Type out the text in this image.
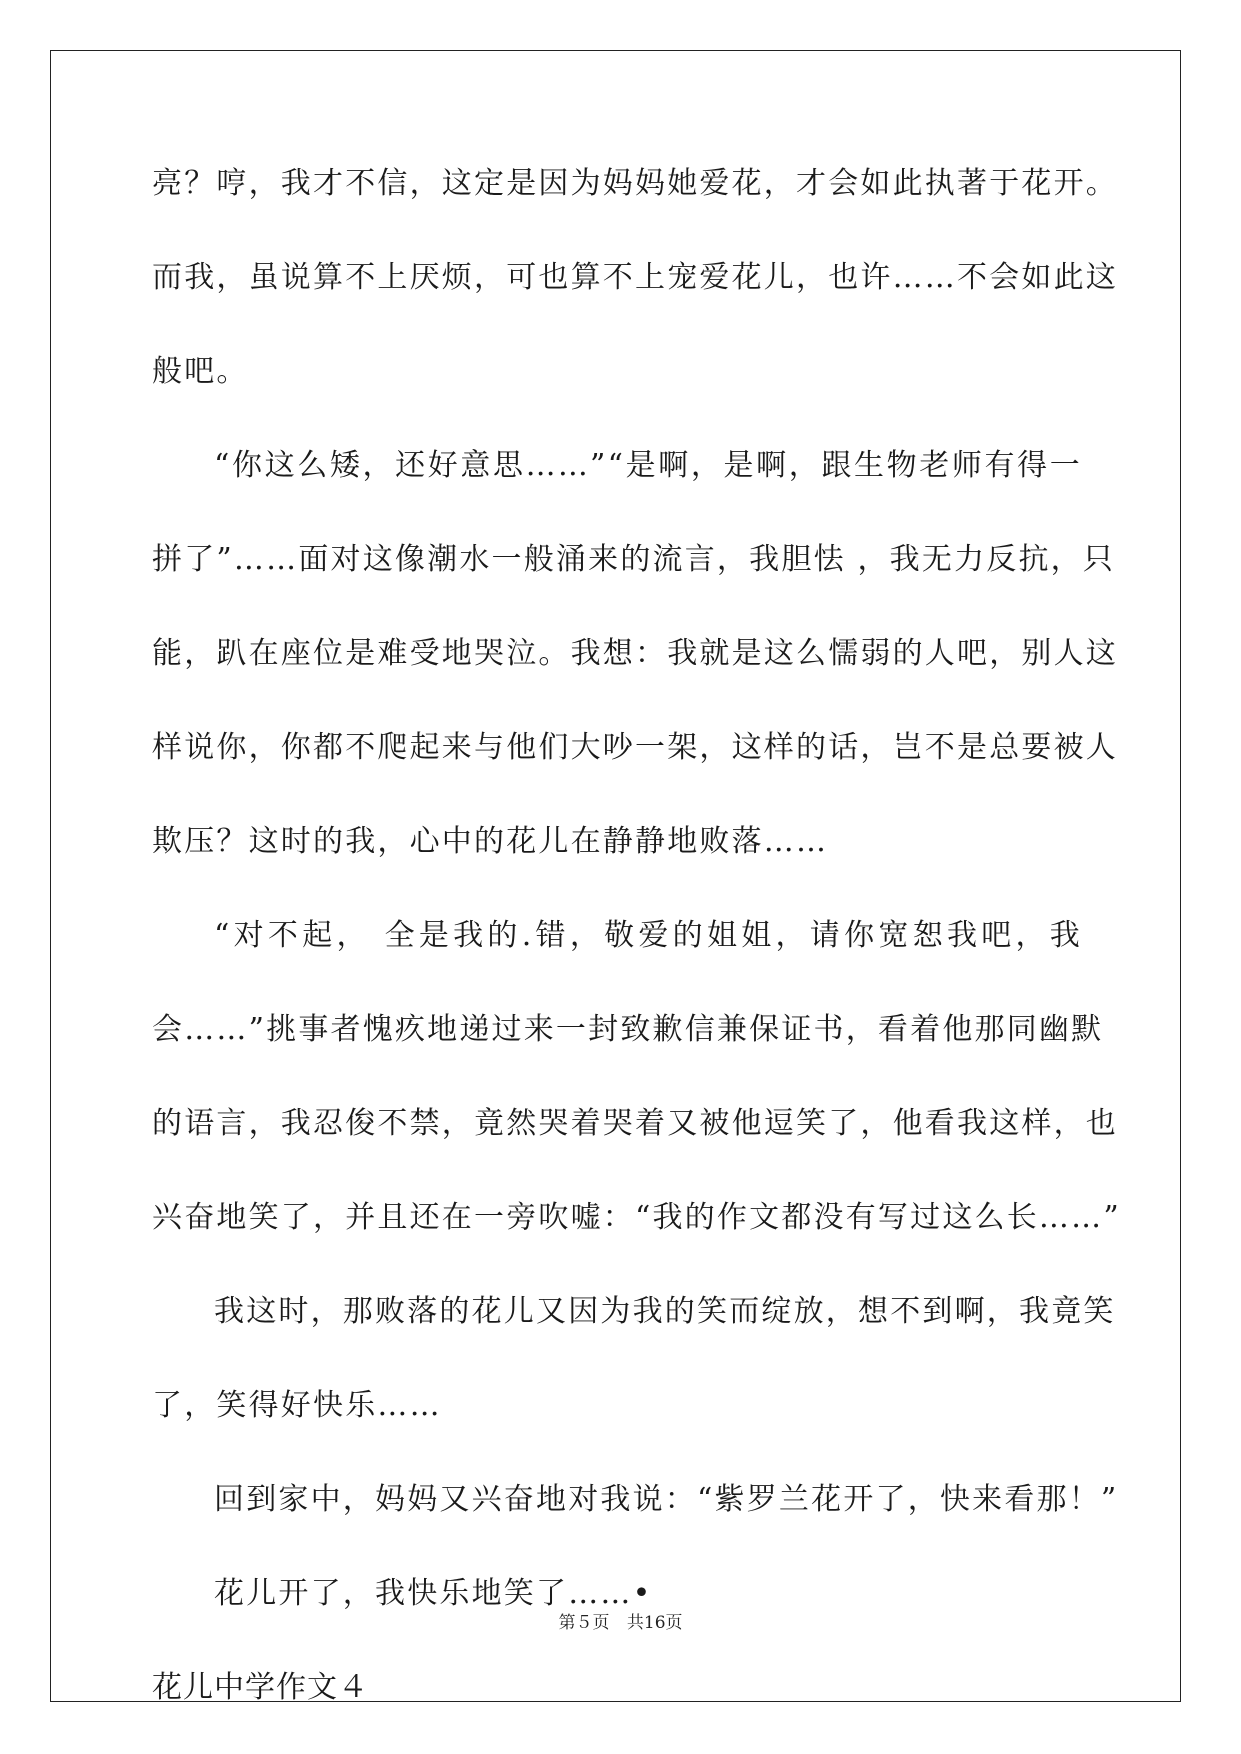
亮？哼，我才不信，这定是因为妈妈她爱花，才会如此执著于花开。
而我，虽说算不上厌烦，可也算不上宠爱花儿，也许……不会如此这
般吧。
“你这么矮，还好意思……”“是啊，是啊，跟生物老师有得一
拼了”……面对这像潮水一般涌来的流言，我胆怯 ，我无力反抗，只
能，趴在座位是难受地哭泣。我想：我就是这么懦弱的人吧，别人这
样说你，你都不爬起来与他们大吵一架，这样的话，岂不是总要被人
欺压？这时的我，心中的花儿在静静地败落……
“对不起， 全是我的.错，敬爱的姐姐，请你宽恕我吧，我
会……”挑事者愧疚地递过来一封致歉信兼保证书，看着他那同幽默
的语言，我忍俊不禁，竟然哭着哭着又被他逗笑了，他看我这样，也
兴奋地笑了，并且还在一旁吹嘘：“我的作文都没有写过这么长……”
我这时，那败落的花儿又因为我的笑而绽放，想不到啊，我竟笑
了，笑得好快乐……
回到家中，妈妈又兴奋地对我说：“紫罗兰花开了，快来看那！”
花儿开了，我快乐地笑了……•
花儿中学作文４
第５页 共16页
